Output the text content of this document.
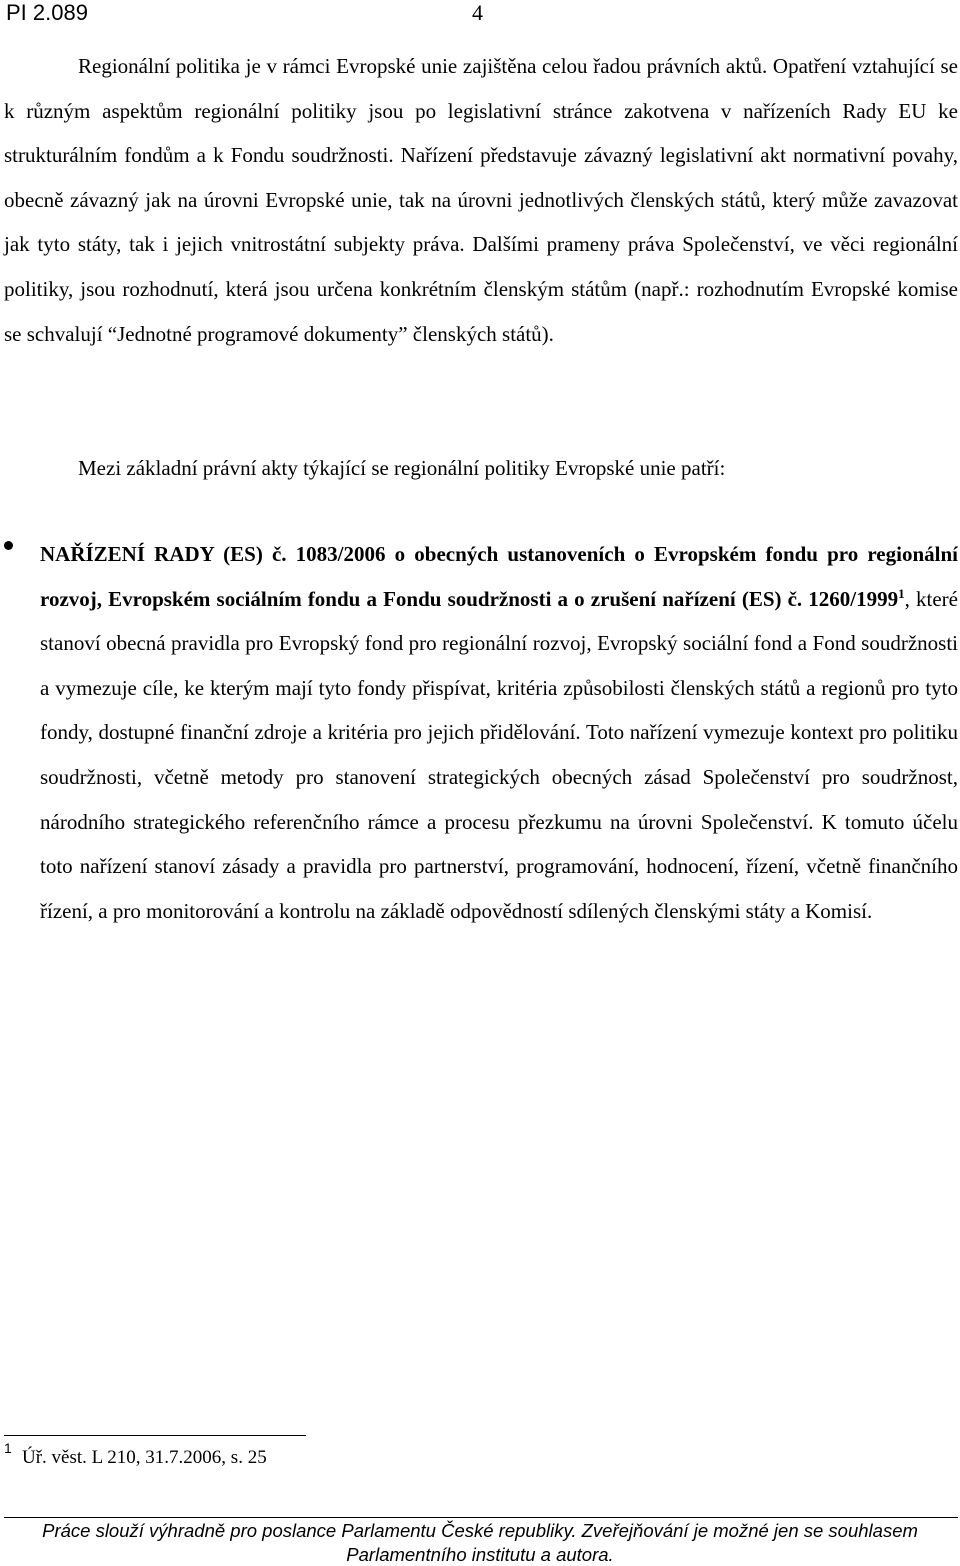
PI 2.089	4

Regionální politika je v rámci Evropské unie zajištěna celou řadou právních aktů. Opatření vztahující se k různým aspektům regionální politiky jsou po legislativní stránce zakotvena v nařízeních Rady EU ke strukturálním fondům a k Fondu soudržnosti. Nařízení představuje závazný legislativní akt normativní povahy, obecně závazný jak na úrovni Evropské unie, tak na úrovni jednotlivých členských států, který může zavazovat jak tyto státy, tak i jejich vnitrostátní subjekty práva. Dalšími prameny práva Společenství, ve věci regionální politiky, jsou rozhodnutí, která jsou určena konkrétním členským státům (např.: rozhodnutím Evropské komise se schvalují “Jednotné programové dokumenty” členských států).

Mezi základní právní akty týkající se regionální politiky Evropské unie patří:

NAŘÍZENÍ RADY (ES) č. 1083/2006 o obecných ustanoveních o Evropském fondu pro regionální rozvoj, Evropském sociálním fondu a Fondu soudržnosti a o zrušení nařízení (ES) č. 1260/1999$^1$, které stanoví obecná pravidla pro Evropský fond pro regionální rozvoj, Evropský sociální fond a Fond soudržnosti a vymezuje cíle, ke kterým mají tyto fondy přispívat, kritéria způsobilosti členských států a regionů pro tyto fondy, dostupné finanční zdroje a kritéria pro jejich přidělování. Toto nařízení vymezuje kontext pro politiku soudržnosti, včetně metody pro stanovení strategických obecných zásad Společenství pro soudržnost, národního strategického referenčního rámce a procesu přezkumu na úrovni Společenství. K tomuto účelu toto nařízení stanoví zásady a pravidla pro partnerství, programování, hodnocení, řízení, včetně finančního řízení, a pro monitorování a kontrolu na základě odpovědností sdílených členskými státy a Komisí.

1 Úř. věst. L 210, 31.7.2006, s. 25
Práce slouží výhradně pro poslance Parlamentu České republiky. Zveřejňování je možné jen se souhlasem
Parlamentního institutu a autora.
